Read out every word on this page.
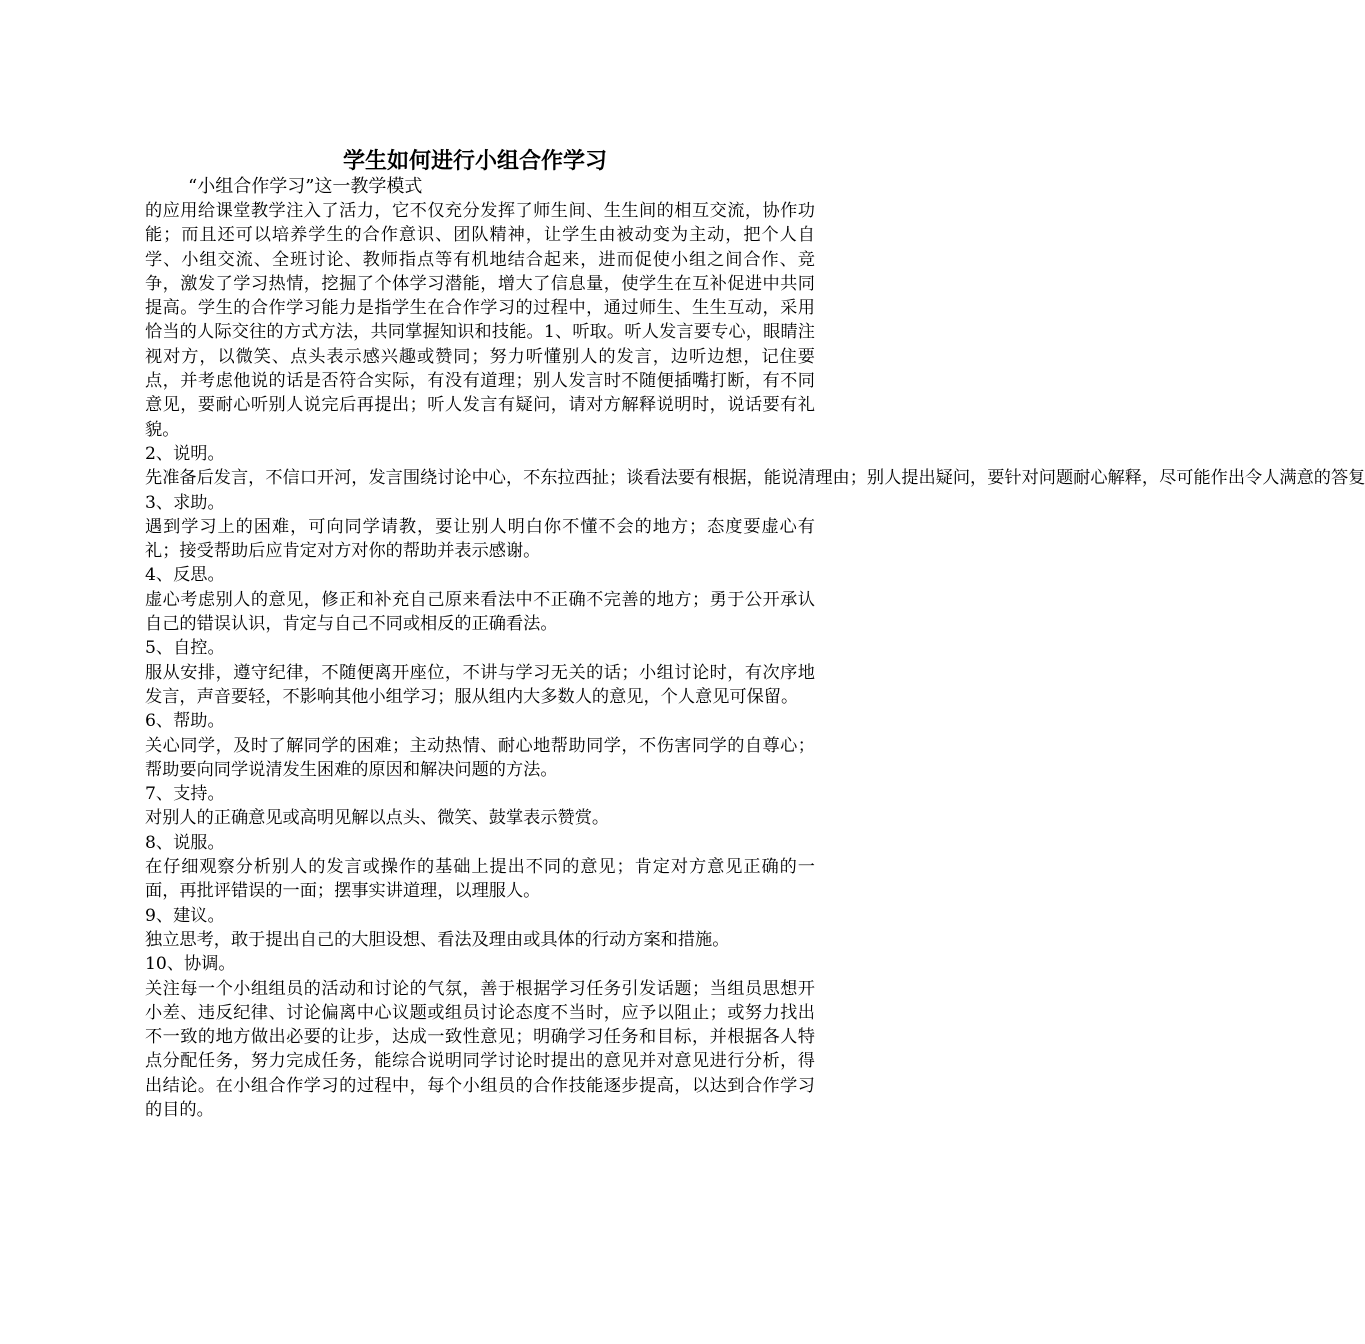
学生如何进行小组合作学习

“小组合作学习”这一教学模式

的应用给课堂教学注入了活力，它不仅充分发挥了师生间、生生间的相互交流，协作功能；而且还可以培养学生的合作意识、团队精神，让学生由被动变为主动，把个人自学、小组交流、全班讨论、教师指点等有机地结合起来，进而促使小组之间合作、竞争，激发了学习热情，挖掘了个体学习潜能，增大了信息量，使学生在互补促进中共同提高。学生的合作学习能力是指学生在合作学习的过程中，通过师生、生生互动，采用恰当的人际交往的方式方法，共同掌握知识和技能。1、听取。听人发言要专心，眼睛注视对方，以微笑、点头表示感兴趣或赞同；努力听懂别人的发言，边听边想，记住要点，并考虑他说的话是否符合实际，有没有道理；别人发言时不随便插嘴打断，有不同意见，要耐心听别人说完后再提出；听人发言有疑问，请对方解释说明时，说话要有礼貌。

2、说明。

先准备后发言，不信口开河，发言围绕讨论中心，不东拉西扯；谈看法要有根据，能说清理由；别人提出疑问，要针对问题耐心解释，尽可能作出令人满意的答复

3、求助。

遇到学习上的困难，可向同学请教，要让别人明白你不懂不会的地方；态度要虚心有礼；接受帮助后应肯定对方对你的帮助并表示感谢。

4、反思。

虚心考虑别人的意见，修正和补充自己原来看法中不正确不完善的地方；勇于公开承认自己的错误认识，肯定与自己不同或相反的正确看法。

5、自控。

服从安排，遵守纪律，不随便离开座位，不讲与学习无关的话；小组讨论时，有次序地发言，声音要轻，不影响其他小组学习；服从组内大多数人的意见，个人意见可保留。

6、帮助。

关心同学，及时了解同学的困难；主动热情、耐心地帮助同学，不伤害同学的自尊心；帮助要向同学说清发生困难的原因和解决问题的方法。

7、支持。

对别人的正确意见或高明见解以点头、微笑、鼓掌表示赞赏。

8、说服。

在仔细观察分析别人的发言或操作的基础上提出不同的意见；肯定对方意见正确的一面，再批评错误的一面；摆事实讲道理，以理服人。

9、建议。

独立思考，敢于提出自己的大胆设想、看法及理由或具体的行动方案和措施。

10、协调。

关注每一个小组组员的活动和讨论的气氛，善于根据学习任务引发话题；当组员思想开小差、违反纪律、讨论偏离中心议题或组员讨论态度不当时，应予以阻止；或努力找出不一致的地方做出必要的让步，达成一致性意见；明确学习任务和目标，并根据各人特点分配任务，努力完成任务，能综合说明同学讨论时提出的意见并对意见进行分析，得出结论。在小组合作学习的过程中，每个小组员的合作技能逐步提高，以达到合作学习的目的。
